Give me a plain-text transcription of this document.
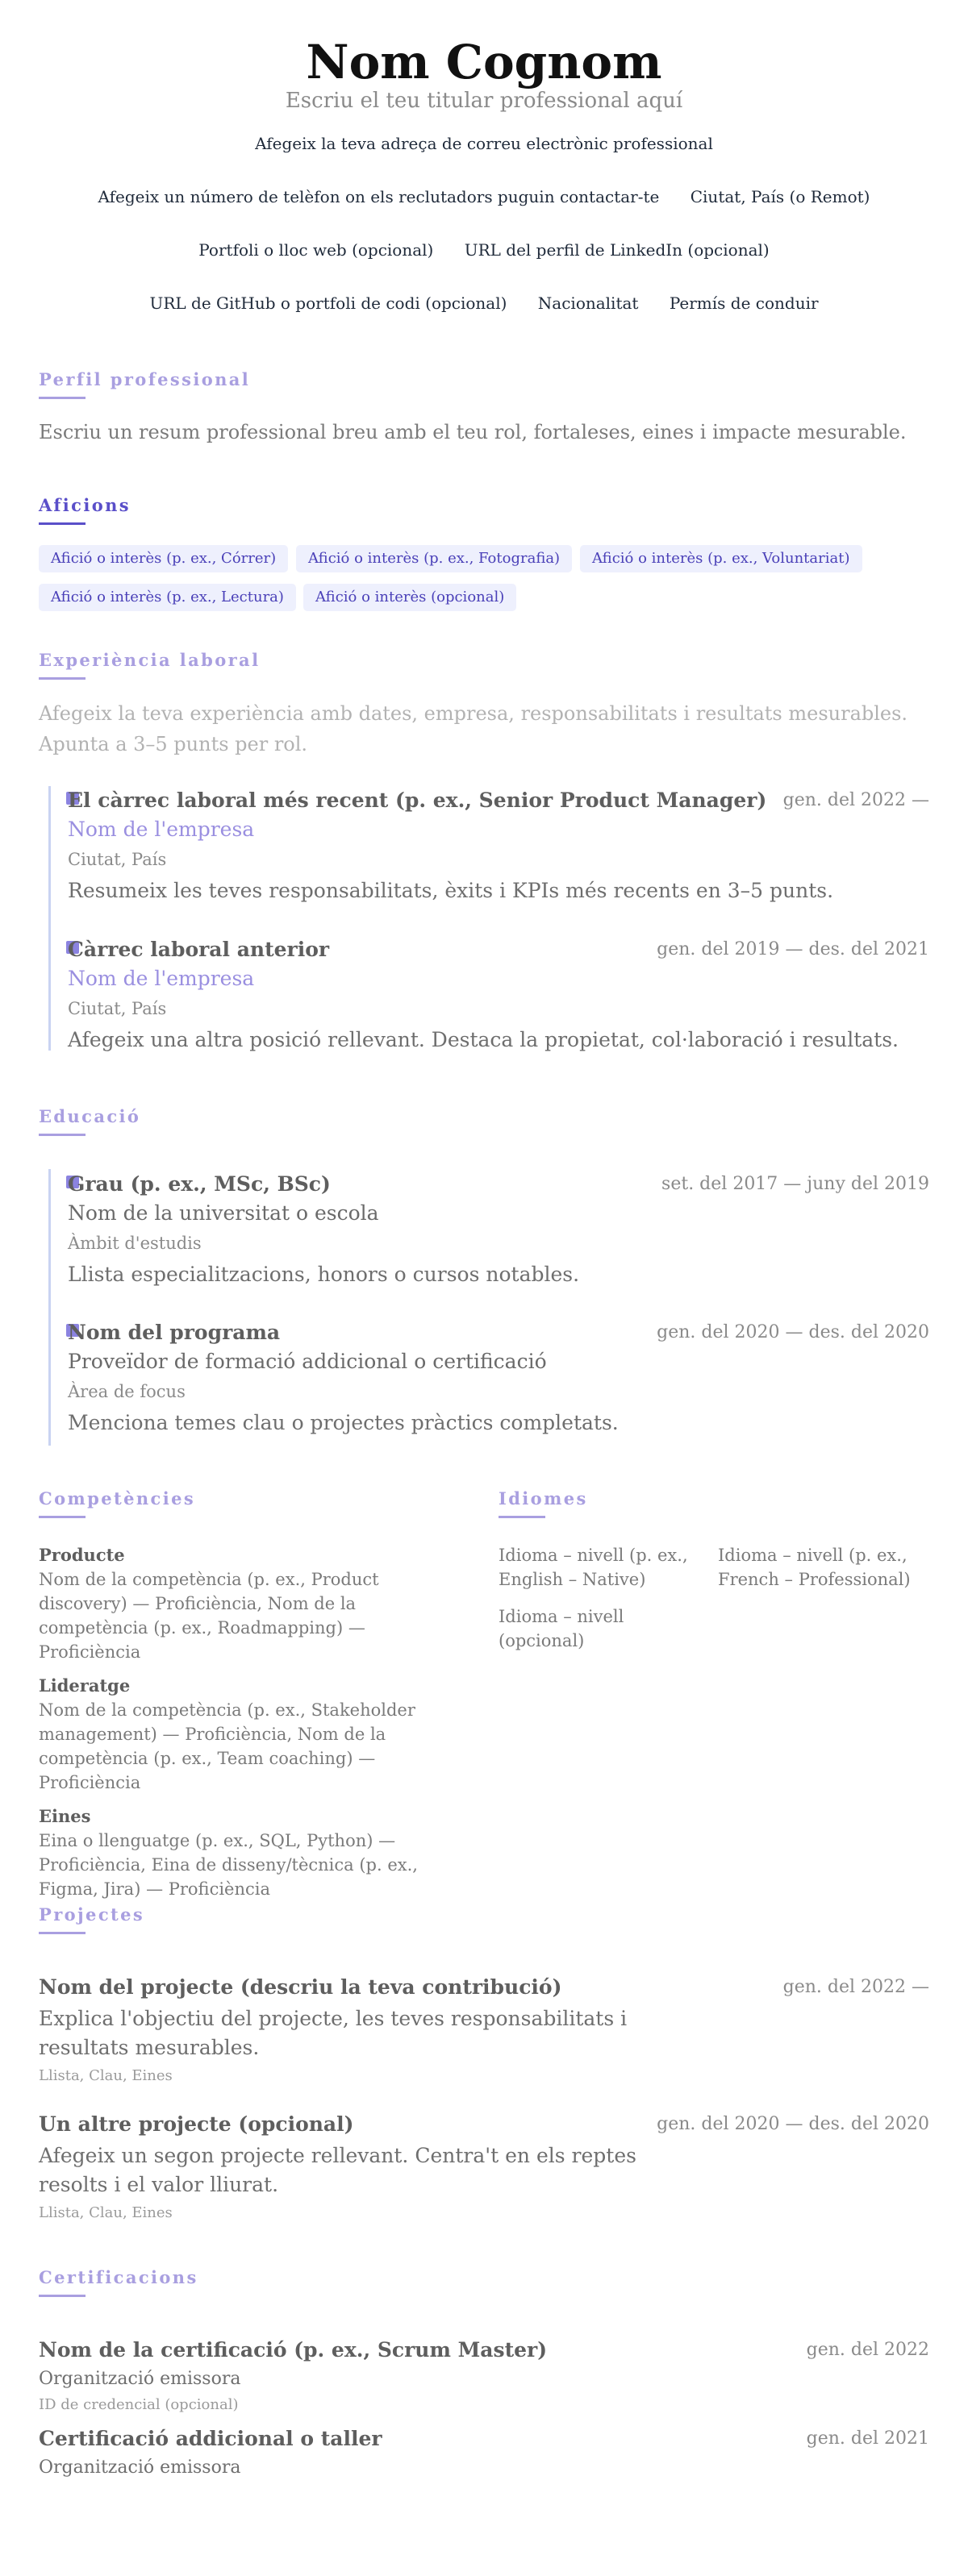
Nom Cognom
Escriu el teu titular professional aquí
Afegeix la teva adreça de correu electrònic professional
Afegeix un número de telèfon on els reclutadors puguin contactar-te Ciutat, País (o Remot)
Portfoli o lloc web (opcional) URL del perfil de LinkedIn (opcional)
URL de GitHub o portfoli de codi (opcional) Nacionalitat Permís de conduir
Perfil professional
Escriu un resum professional breu amb el teu rol, fortaleses, eines i impacte mesurable.
Aficions
Afició o interès (p. ex., Córrer)	Afició o interès (p. ex., Fotografia)	Afició o interès (p. ex., Voluntariat)
Afició o interès (p. ex., Lectura)	Afició o interès (opcional)
Experiència laboral
Afegeix la teva experiència amb dates, empresa, responsabilitats i resultats mesurables. Apunta a 3–5 punts per rol.
El càrrec laboral més recent (p. ex., Senior Product Manager) gen. del 2022 —
Nom de l'empresa
Ciutat, País
Resumeix les teves responsabilitats, èxits i KPIs més recents en 3–5 punts.
Càrrec laboral anterior	gen. del 2019 — des. del 2021
Nom de l'empresa
Ciutat, País
Afegeix una altra posició rellevant. Destaca la propietat, col·laboració i resultats.
Educació
Grau (p. ex., MSc, BSc)	set. del 2017 — juny del 2019
Nom de la universitat o escola
Àmbit d'estudis
Llista especialitzacions, honors o cursos notables.
Nom del programa	gen. del 2020 — des. del 2020
Proveïdor de formació addicional o certificació
Àrea de focus
Menciona temes clau o projectes pràctics completats.
Competències
Producte
Nom de la competència (p. ex., Product discovery) — Proficiència, Nom de la competència (p. ex., Roadmapping) — Proficiència
Lideratge
Nom de la competència (p. ex., Stakeholder management) — Proficiència, Nom de la competència (p. ex., Team coaching) — Proficiència
Eines
Eina o llenguatge (p. ex., SQL, Python) — Proficiència, Eina de disseny/tècnica (p. ex., Figma, Jira) — Proficiència
Idiomes
Idioma – nivell (p. ex., English – Native)
Idioma – nivell (p. ex., French – Professional)
Idioma – nivell (opcional)
Projectes
Nom del projecte (descriu la teva contribució)	gen. del 2022 —
Explica l'objectiu del projecte, les teves responsabilitats i resultats mesurables.
Llista, Clau, Eines
Un altre projecte (opcional)	gen. del 2020 — des. del 2020
Afegeix un segon projecte rellevant. Centra't en els reptes resolts i el valor lliurat.
Llista, Clau, Eines
Certificacions
Nom de la certificació (p. ex., Scrum Master)	gen. del 2022
Organització emissora
ID de credencial (opcional)
Certificació addicional o taller	gen. del 2021
Organització emissora
